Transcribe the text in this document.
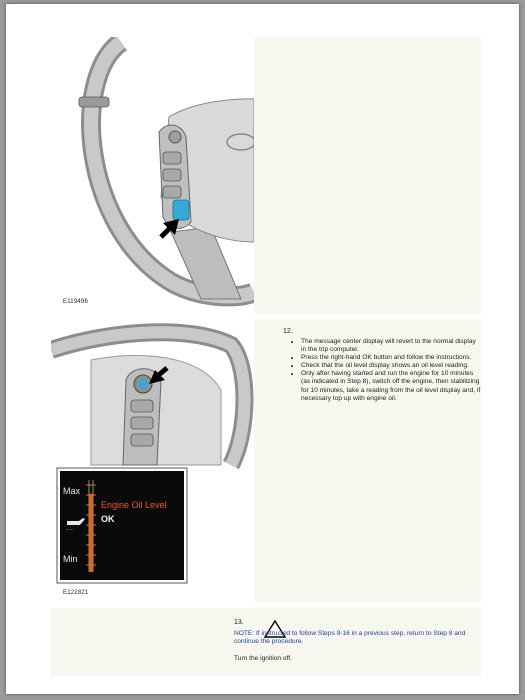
E119496
~~~
Max
Min
Engine Oil Level
OK
E122821
12.
• The message center display will revert to the normal display in the trip computer.
• Press the right-hand OK button and follow the instructions.
• Check that the oil level display shows an oil level reading.
• Only after having started and run the engine for 10 minutes (as indicated in Step 8), switch off the engine, then stabilizing for 10 minutes, take a reading from the oil level display and, if necessary top up with engine oil.
13.
NOTE: If instructed to follow Steps 9-16 in a previous step, return to Step 8 and continue the procedure.
Turn the ignition off.
